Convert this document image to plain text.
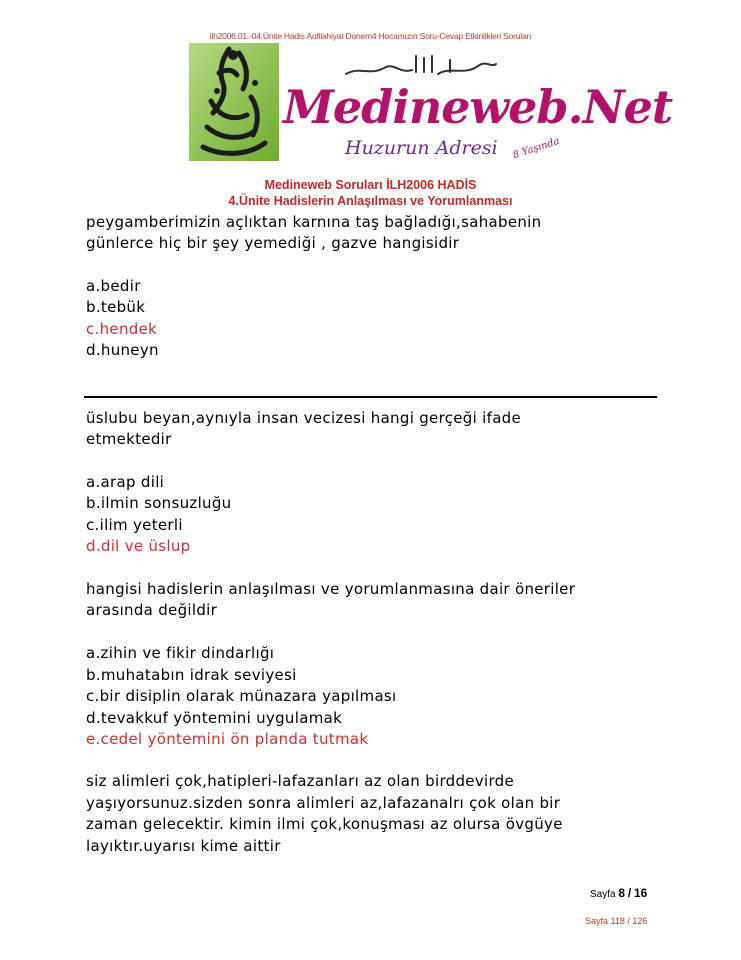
ilh2006.01.-04.Ünite Hadis Aofilahiyat Donem4 Hocamızın Soru-Cevap Etkinlikleri Soruları
Medineweb.Net
Huzurun Adresi 8 Yaşında
Medineweb Soruları İLH2006 HADİS
4.Ünite Hadislerin Anlaşılması ve Yorumlanması
peygamberimizin açlıktan karnına taş bağladığı,sahabenin
günlerce hiç bir şey yemediği , gazve hangisidir
a.bedir
b.tebük
c.hendek
d.huneyn
üslubu beyan,aynıyla insan vecizesi hangi gerçeği ifade
etmektedir
a.arap dili
b.ilmin sonsuzluğu
c.ilim yeterli
d.dil ve üslup
hangisi hadislerin anlaşılması ve yorumlanmasına dair öneriler
arasında değildir
a.zihin ve fikir dindarlığı
b.muhatabın idrak seviyesi
c.bir disiplin olarak münazara yapılması
d.tevakkuf yöntemini uygulamak
e.cedel yöntemini ön planda tutmak
siz alimleri çok,hatipleri-lafazanları az olan birddevirde
yaşıyorsunuz.sizden sonra alimleri az,lafazanalrı çok olan bir
zaman gelecektir. kimin ilmi çok,konuşması az olursa övgüye
layıktır.uyarısı kime aittir
Sayfa 8 / 16
Sayfa 118 / 126
